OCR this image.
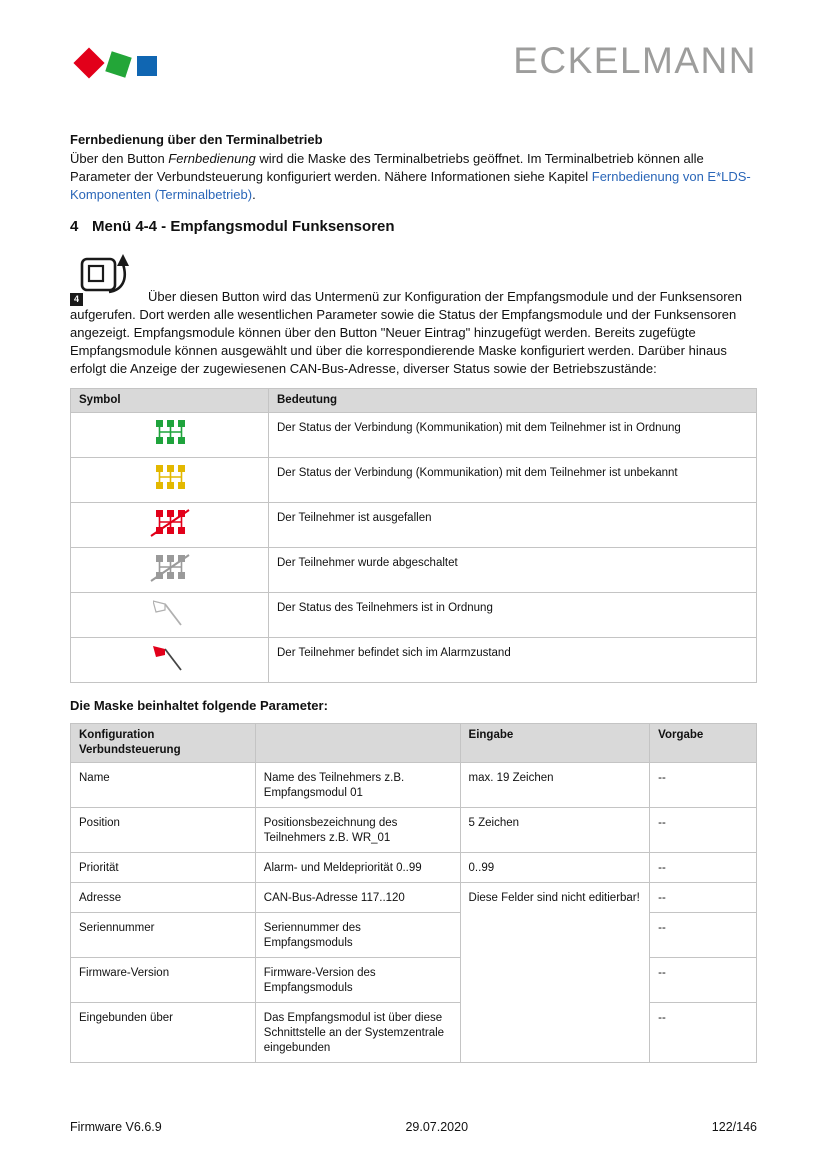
ECKELMANN
Fernbedienung über den Terminalbetrieb

Über den Button Fernbedienung wird die Maske des Terminalbetriebs geöffnet. Im Terminalbetrieb können alle Parameter der Verbundsteuerung konfiguriert werden. Nähere Informationen siehe Kapitel Fernbedienung von E*LDS-Komponenten (Terminalbetrieb).

4 Menü 4-4 - Empfangsmodul Funksensoren
4	Über diesen Button wird das Untermenü zur Konfiguration der Empfangsmodule und der Funksensoren aufgerufen. Dort werden alle wesentlichen Parameter sowie die Status der Empfangsmodule und der Funksensoren angezeigt. Empfangsmodule können über den Button "Neuer Eintrag" hinzugefügt werden. Bereits zugefügte Empfangsmodule können ausgewählt und über die korrespondierende Maske konfiguriert werden. Darüber hinaus erfolgt die Anzeige der zugewiesenen CAN-Bus-Adresse, diverser Status sowie der Betriebszustände:

Symbol	Bedeutung
	Der Status der Verbindung (Kommunikation) mit dem Teilnehmer ist in Ordnung
	Der Status der Verbindung (Kommunikation) mit dem Teilnehmer ist unbekannt
	Der Teilnehmer ist ausgefallen
	Der Teilnehmer wurde abgeschaltet
	Der Status des Teilnehmers ist in Ordnung
	Der Teilnehmer befindet sich im Alarmzustand
Die Maske beinhaltet folgende Parameter:
Konfiguration Verbundsteuerung		Eingabe	Vorgabe
Name	Name des Teilnehmers z.B. Empfangsmodul 01	max. 19 Zeichen	--
Position	Positionsbezeichnung des Teilnehmers z.B. WR_01	5 Zeichen	--
Priorität	Alarm- und Meldepriorität 0..99	0..99	--
Adresse	CAN-Bus-Adresse 117..120	Diese Felder sind nicht editierbar!	--
Seriennummer	Seriennummer des Empfangsmoduls		--
Firmware-Version	Firmware-Version des Empfangsmoduls		--
Eingebunden über	Das Empfangsmodul ist über diese Schnittstelle an der Systemzentrale eingebunden		--
Firmware V6.6.9	29.07.2020	122/146
